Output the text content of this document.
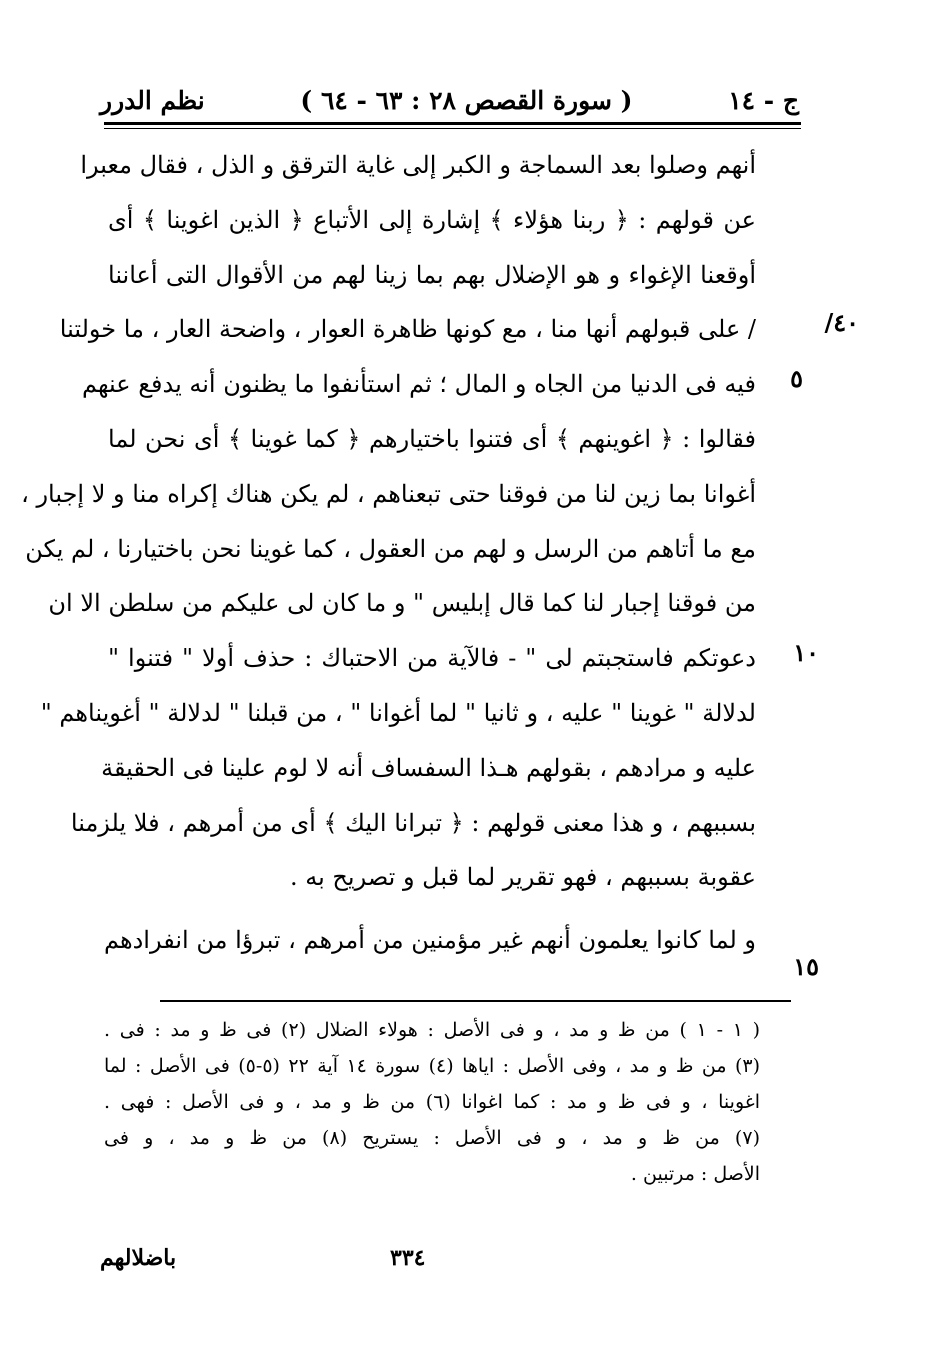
نظم الدرر	( سورة القصص ٢٨ : ٦٣ - ٦٤ )	ج - ١٤
٤٠/
٥
١٠
١٥
أنهم وصلوا بعد السماجة و الكبر إلى غاية الترقق و الذل ، فقال معبرا
عن قولهم : ﴿ ربنا هؤلاء ﴾ إشارة إلى الأتباع ﴿ الذين اغوينا ﴾ أى
أوقعنا الإغواء و هو الإضلال بهم بما زينا لهم من الأقوال التى أعاننا
/ على قبولهم أنها منا ، مع كونها ظاهرة العوار ، واضحة العار ، ما خولتنا
فيه فى الدنيا من الجاه و المال ؛ ثم استأنفوا ما يظنون أنه يدفع عنهم
فقالوا : ﴿ اغوينهم ﴾ أى فتنوا باختيارهم ﴿ كما غوينا ﴾ أى نحن لما
أغوانا بما زين لنا من فوقنا حتى تبعناهم ، لم يكن هناك إكراه منا و لا إجبار ،
مع ما أتاهم من الرسل و لهم من العقول ، كما غوينا نحن باختيارنا ، لم يكن
من فوقنا إجبار لنا كما قال إبليس " و ما كان لى عليكم من سلطن الا ان
دعوتكم فاستجبتم لى " - فالآية من الاحتباك : حذف أولا " فتنوا "
لدلالة " غوينا " عليه ، و ثانيا " لما أغوانا " ، من قبلنا " لدلالة " أغويناهم "
عليه و مرادهم ، بقولهم هـذا السفساف أنه لا لوم علينا فى الحقيقة
بسببهم ، و هذا معنى قولهم : ﴿ تبرانا اليك ﴾ أى من أمرهم ، فلا يلزمنا
عقوبة بسببهم ، فهو تقرير لما قبل و تصريح به .
و لما كانوا يعلمون أنهم غير مؤمنين من أمرهم ، تبرؤا من انفرادهم
( ١ - ١ ) من ظ و مد ، و فى الأصل : هولاء الضلال (٢) فى ظ و مد : فى .
(٣) من ظ و مد ، وفى الأصل : اياها (٤) سورة ١٤ آية ٢٢ (٥-٥) فى الأصل : لما
اغوينا ، و فى ظ و مد : كما اغوانا (٦) من ظ و مد ، و فى الأصل : فهى .
(٧) من ظ و مد ، و فى الأصل : يستريح (٨) من ظ و مد ، و فى
الأصل : مرتبين .
باضلالهم	٣٣٤
